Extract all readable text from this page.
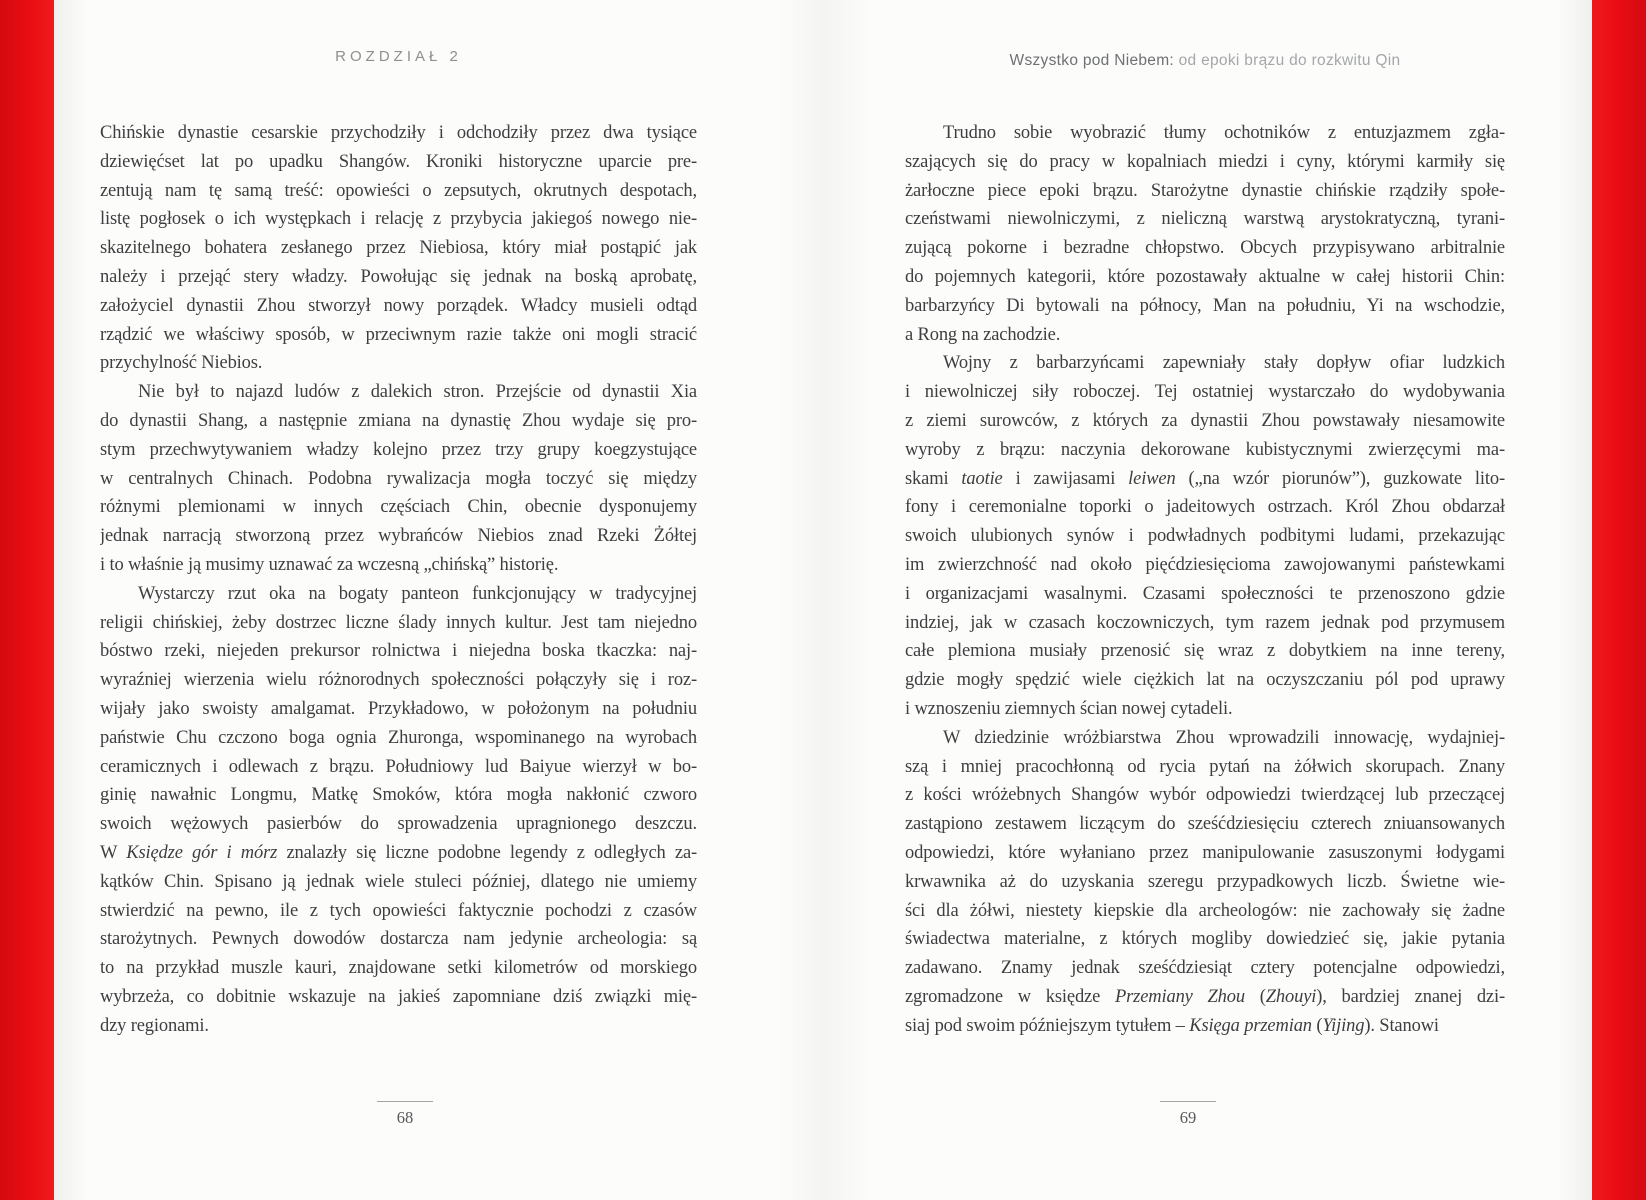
ROZDZIAŁ 2	Wszystko pod Niebem: od epoki brązu do rozkwitu Qin
Chińskie dynastie cesarskie przychodziły i odchodziły przez dwa tysiące
dziewięćset lat po upadku Shangów. Kroniki historyczne uparcie pre-
zentują nam tę samą treść: opowieści o zepsutych, okrutnych despotach,
listę pogłosek o ich występkach i relację z przybycia jakiegoś nowego nie-
skazitelnego bohatera zesłanego przez Niebiosa, który miał postąpić jak
należy i przejąć stery władzy. Powołując się jednak na boską aprobatę,
założyciel dynastii Zhou stworzył nowy porządek. Władcy musieli odtąd
rządzić we właściwy sposób, w przeciwnym razie także oni mogli stracić
przychylność Niebios.
Nie był to najazd ludów z dalekich stron. Przejście od dynastii Xia
do dynastii Shang, a następnie zmiana na dynastię Zhou wydaje się pro-
stym przechwytywaniem władzy kolejno przez trzy grupy koegzystujące
w centralnych Chinach. Podobna rywalizacja mogła toczyć się między
różnymi plemionami w innych częściach Chin, obecnie dysponujemy
jednak narracją stworzoną przez wybrańców Niebios znad Rzeki Żółtej
i to właśnie ją musimy uznawać za wczesną „chińską” historię.
Wystarczy rzut oka na bogaty panteon funkcjonujący w tradycyjnej
religii chińskiej, żeby dostrzec liczne ślady innych kultur. Jest tam niejedno
bóstwo rzeki, niejeden prekursor rolnictwa i niejedna boska tkaczka: naj-
wyraźniej wierzenia wielu różnorodnych społeczności połączyły się i roz-
wijały jako swoisty amalgamat. Przykładowo, w położonym na południu
państwie Chu czczono boga ognia Zhuronga, wspominanego na wyrobach
ceramicznych i odlewach z brązu. Południowy lud Baiyue wierzył w bo-
ginię nawałnic Longmu, Matkę Smoków, która mogła nakłonić czworo
swoich wężowych pasierbów do sprowadzenia upragnionego deszczu.
W Księdze gór i mórz znalazły się liczne podobne legendy z odległych za-
kątków Chin. Spisano ją jednak wiele stuleci później, dlatego nie umiemy
stwierdzić na pewno, ile z tych opowieści faktycznie pochodzi z czasów
starożytnych. Pewnych dowodów dostarcza nam jedynie archeologia: są
to na przykład muszle kauri, znajdowane setki kilometrów od morskiego
wybrzeża, co dobitnie wskazuje na jakieś zapomniane dziś związki mię-
dzy regionami.
Trudno sobie wyobrazić tłumy ochotników z entuzjazmem zgła-
szających się do pracy w kopalniach miedzi i cyny, którymi karmiły się
żarłoczne piece epoki brązu. Starożytne dynastie chińskie rządziły społe-
czeństwami niewolniczymi, z nieliczną warstwą arystokratyczną, tyrani-
zującą pokorne i bezradne chłopstwo. Obcych przypisywano arbitralnie
do pojemnych kategorii, które pozostawały aktualne w całej historii Chin:
barbarzyńcy Di bytowali na północy, Man na południu, Yi na wschodzie,
a Rong na zachodzie.
Wojny z barbarzyńcami zapewniały stały dopływ ofiar ludzkich
i niewolniczej siły roboczej. Tej ostatniej wystarczało do wydobywania
z ziemi surowców, z których za dynastii Zhou powstawały niesamowite
wyroby z brązu: naczynia dekorowane kubistycznymi zwierzęcymi ma-
skami taotie i zawijasami leiwen („na wzór piorunów”), guzkowate lito-
fony i ceremonialne toporki o jadeitowych ostrzach. Król Zhou obdarzał
swoich ulubionych synów i podwładnych podbitymi ludami, przekazując
im zwierzchność nad około pięćdziesięcioma zawojowanymi państewkami
i organizacjami wasalnymi. Czasami społeczności te przenoszono gdzie
indziej, jak w czasach koczowniczych, tym razem jednak pod przymusem
całe plemiona musiały przenosić się wraz z dobytkiem na inne tereny,
gdzie mogły spędzić wiele ciężkich lat na oczyszczaniu pól pod uprawy
i wznoszeniu ziemnych ścian nowej cytadeli.
W dziedzinie wróżbiarstwa Zhou wprowadzili innowację, wydajniej-
szą i mniej pracochłonną od rycia pytań na żółwich skorupach. Znany
z kości wróżebnych Shangów wybór odpowiedzi twierdzącej lub przeczącej
zastąpiono zestawem liczącym do sześćdziesięciu czterech zniuansowanych
odpowiedzi, które wyłaniano przez manipulowanie zasuszonymi łodygami
krwawnika aż do uzyskania szeregu przypadkowych liczb. Świetne wie-
ści dla żółwi, niestety kiepskie dla archeologów: nie zachowały się żadne
świadectwa materialne, z których mogliby dowiedzieć się, jakie pytania
zadawano. Znamy jednak sześćdziesiąt cztery potencjalne odpowiedzi,
zgromadzone w księdze Przemiany Zhou (Zhouyi), bardziej znanej dzi-
siaj pod swoim późniejszym tytułem – Księga przemian (Yijing). Stanowi
68	69
